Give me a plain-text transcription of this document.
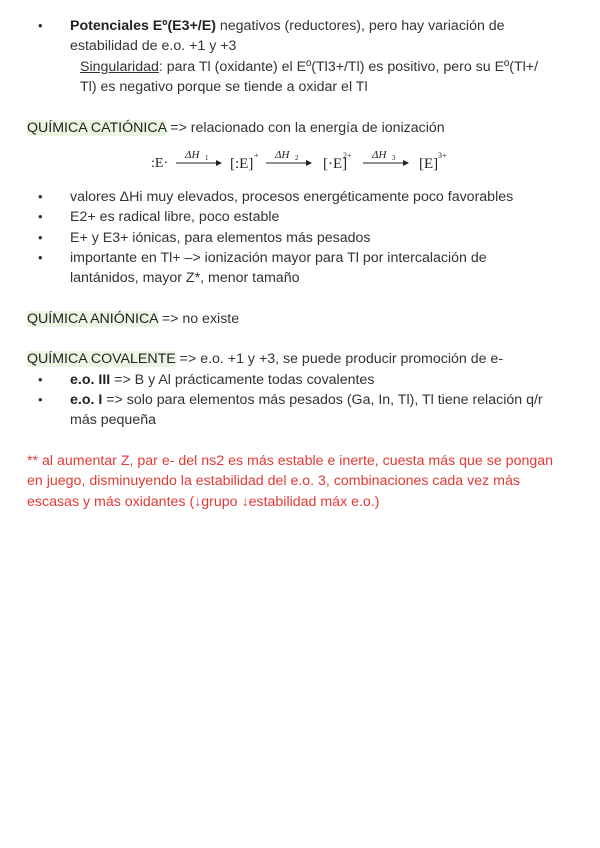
• Potenciales Eº(E3+/E) negativos (reductores), pero hay variación de estabilidad de e.o. +1 y +3
Singularidad: para Tl (oxidante) el Eº(Tl3+/Tl) es positivo, pero su Eº(Tl+/
Tl) es negativo porque se tiende a oxidar el Tl
QUÍMICA CATIÓNICA => relacionado con la energía de ionización
:E·
ΔH 1 [:E]
+ ΔH 2 [·E]
2+ ΔH 3 [E]
3+
• valores ΔHi muy elevados, procesos energéticamente poco favorables
• E2+ es radical libre, poco estable
• E+ y E3+ iónicas, para elementos más pesados
• importante en Tl+ –> ionización mayor para Tl por intercalación de lantánidos, mayor Z*, menor tamaño
QUÍMICA ANIÓNICA => no existe
QUÍMICA COVALENTE => e.o. +1 y +3, se puede producir promoción de e-
• e.o. III => B y Al prácticamente todas covalentes
• e.o. I => solo para elementos más pesados (Ga, In, Tl), Tl tiene relación q/r más pequeña
** al aumentar Z, par e- del ns2 es más estable e inerte, cuesta más que se pongan en juego, disminuyendo la estabilidad del e.o. 3, combinaciones cada vez más escasas y más oxidantes (↓grupo ↓estabilidad máx e.o.)
